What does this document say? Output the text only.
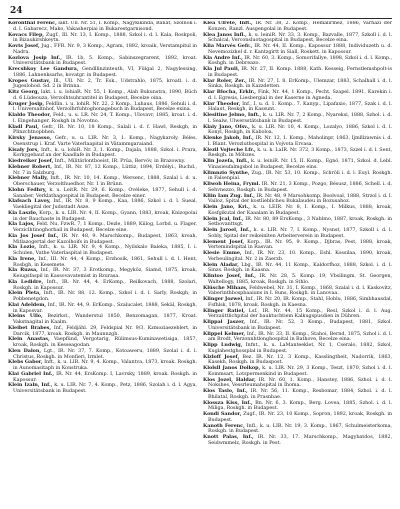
24

Koronthal Ferenc, lakt. Üll. Nr. 51, I. Komp., Nagykikinda, Bánát, Szolnok i. d. l. Gabarecz, Mako, Vakasherpiai in Bukarestgarnisond.

Kovacs Filep, Zugf., Ill. Nr. 13, I. Komp., 1888, Szkol i. d. l. Kala, Roskpoli, in Bizaukirshkeytn.

Kovts Josef, Jug., FFR. Nr. 9, 3 Komp., Agram, 1892, kroaik, Verstampitul in Nadra.

Kozlova Josip Inf., IR. 1b, 5. Komp., Sabinszegrarent, 1892, kroat. Universitätsbank in Budapest.

Krecshkoy Lee Gandura, Gendllinzinteuth, VI, Fülgal 2, Nagylessing, 1886, Lahnenksarhs, kovatgr. in Budapest.

Kropes Gustav, Ill., Ull. Nr. 2, Tr. Esk., Udstrahlo, 1875, kroatl. i. d. Jugeslohod. Sd. 2 in Brinna.

Kitz Georg, lakt. i. u. lohiaR. Nr. 55, 1 Komp., Alah Bukunstra, 1890, Büch d. 6 Lüdeouza, Verzolhtsuhrantitel in Budapest, Becelze oina.

Kruger Josip, Feldlin. i. u. lohiR. Nr. 22, 2 Komp., Luhaus, 1886, Sehuli i. d. l. Universaltnhof, Verzolhrfuhtoghonagebuch in Budapest, Becelze exina.

Kialdo Theodor, Feld., u. u. LR. Nr. 24, T. Komp., Ulovavr, 1885, kroat. i. d. l. Eingehanger, Roskgh in Novotno.

Kladl Paul, Gefr., IR. Nr. 10, 18 Komp., Salali i. d. f. Hawl, Reskgh, in Plinzchtnopbhen.

Kirsky Jenasso, Gefr., u. u. LIR. Nr. 3, 1. Komp., Nagykaroly, Béles, Osenstrup i. Kraf. Varte Vaterlaapital in Vätammgaraiand.

Kisaly Jors, Inft., k. u. lohiR. Nr. 3, 1. Komp., Dajala, 1888, Szkol. i. Prara, Korkygebauf an der Kaadlafe in Budapest.

Kiedreiker Josef, Inft., Militärlontboeist, IR. Prüa, Bervöv, in Brazowny.

Klebner Robert, Inf., IR. Nr. 87, 12 Komp., Lüttiz, 1894, Erdélyi., Buchd., Nr. 7 in Salzburg.

Klebner Mally, Inft., IR. Nr. 10, 14. Komp., Wersenc, 1888, Szalal i. d. u. Oberschauer, Verzolthuedhor, Nr. 1 in Brünn.

Klohn Fedhry, k. u. LeitR. Nr. 29, 6. Komp., Ovéleke, 1877, Sehull i. d. Sanaber, Verklathagospital in Budapest, Becelze einer.

Klafsach Lavoy, Inf., IR. Nr. 8, 9 Komp., Kaa, 1886, Szkol i. d. l. Sueal, Vaekliegital der Judsstadt Asze.

Kia Laszlo, Korp., k. u. LIR. Nr. 4, II. Komp., Gyann, 1883, kroak, Knizopolai in der Bauchaste in Budapest.

Kla Lajos, Feld. Nu, FzwR. 7, 1 Komp., Dezle, 1889, Kiilog, Lorbd. u. Flager, Verziclhtinoghorbail in Budapest, Becelze eine.

Kia Jos Josef Inf., IR. Nr. 48, 9. Marschkomp., Budapest, 1863, kroah, Mitlazogertal der Kazolhoifs in Budapest.

Kla Lozio, Inft., k. u. LIR. Nr. 9, 4 Komp., Nyilskalo Baleka, 1885, I. i. Schulen, Vathe Vaterlaspital in Budapest.

Kla Irene, Inf., III. Nr. 44, 4 Komp., Erzhosik, 1861, Sehull i. d. l. Hent, Rosbgh, in Kesemete.

Kla Ruzsa, Inf., IR. Nr. 37, 3 Erotkomp., Megykôz, Siamd, 1875, kroak, Keiugsfaspil in Kassovavatemist in Bzurasa.

Kla Ledidre, Inft., IR. Nr. 44, 4. ErKomp., Reilkovach, 1888, Szolari, Roskgh. in Kapossur.

Klein Pleta, Inft., IR. Nr. 88, 12. Komp., Szkol i. d. l. Sarly, Roskgh, in Pobbenetgdon.

Klai Adeldem, Inf., IR. Nr. 44, 9. ErKomp., Szalucalet, 1888, Sekäl, Roskgh, in Kaposvar.

Kleins Ullo, Bezirkst., Wanderstul 1850, Benzomagan, 1877, Kroat. Vakstnagital in Kaalm.

Kleibet Brabes, Inf., Feldjähl. 29, Feldspial Nr. 9/3, Kzmoziaezeblert, in Darcik, 1877, kroak. Roskgh. in Maunnzgh.

Klein Anastas, Vaepfünd, Vergotarig, Rülimsus-Kuminawetisiga, 1857, kroak, Roskgh. in Kesseagodan.

Klen Dalon, Lgt., IR. Nr. 37, 7. Komp., Kotoaweru, 1889, Szolal i. d. l. Christus, Roskgh. in Monfieri, Irmlet.

Klebs Gabor, Inft., k. u. LIR. Nr. 9, 4. Komp., Valantva, 1873, kroak. Roskgh. in Aunomasitaph in Konstruka.

Klai Gabriel Inf., IR. Nr. 44, ErsKomp. I, Lavrsky, 1889, kroak. Roskgh. in Kapossur.

Klein Izaln, Inf., k. u. LIR. Nr. 7, 4. Komp., Petz, 1886, Szolah i. d. l. Agya, Universitätsbank in Budapest.

Klea Ulrete, Inft., IR. Nr. 38, 2. Komp., Hemalirmez, 1886, Varhazi der Konzen, Ranzl. Ausgengolal in Budapest.

Klea Janos Infl., k. u. leiniR. Nr. 33, 3. Komp., Bazvalle, 1877, Szkoll i. d. l. Schalcal, Verconsluotagospital in Budapest, Becelze eina.

Klia Marvés Gefr., IR. Nr. 44, II. Komp., Kapossur 1888, Individuzeth u. d. Nevemozizkel d. r. Kantzgirtt in Siall, Roskett. in Kapossur.

Kla Andre Inf., IR. Nr. 60, 3. Komp., Somorifallye, 1898, Szkol i. d. l. Komp., Koshgh. in Debreazo.

Kla Jul Pauli, IR. Nr. 27, II. Komp. 1888, Kath. Kesseig, Fernstlemshpolt-is in Budapest.

Klar Roler, Zer., IR. Nr. 27, I. 8. ErKomp., Ulemzar, 1883, Schalhall i. d. l. Sinka, Roskgh. in Kazzdetten.

Klar Blocha, Erklr., Fink, Nr. 44, 1 Komp., Pecht. Szapel. 1891, Karekin i. d. l. Egresis, Liesbergial in der Kaserne in Agneda.

Klar Theodor, Inf., I. u. d. 1. Komp., 7. Kanyp., Lipafaxio, 1877, Szak i. d. l. Halaut, Reskgh, in Kassunt.

Klesitine Jelmo, Inft., k. u. LIR. Nr. 7, 2 Komp., Nyareksi, 1888, Szhol. i. d. l. Sealw, Ulwersstätsbank in Budapest.

Klaiy Jano, Ofsv., k. u. LIR. Nr. 10, 4. Komp., Lozalyo, 1886, Szkol i. d. l. Konyl, Roskgh, in Kaboloa.

Klenke Jakob, Inf., IR. Nr. 12, 1. Komp., Maholinpr, 1863, Ijmlllzawnis i. d. l. Blant. Verozluthospital in Vojvota Ervasa.

Klezil Vojteche Lfr., k. u. k. LaIR. Nr. 372, 3 Komp., 1873, Szzel i. d. l. Sent, Reskgh. in Möbzes.

Klin Jozefa, Infl., k. u. leiniR. Nr. 15, II. Komp., Egnö, 1871, Szkol. d. Lebl. Vinasieufalmgsbol in Budapest, Becelze eins.

Klimnzio Synthe, Zug., IR. Nr. 53, 10. Komp., Schröli i. d. l. Euyl. Roskgh. in Falsenpial.

Kliwoh Heina, Fryml. IR. Nr. 21, 3 Komp., Pozgo, Bésusz, 1886, Schell. i. d. Sehvnezzo, Roskgh. in Budapest.

Kliin Iam Zug. Inf., IR. Nr. 48, 9 Marsohkomp, Boolvoal, 1888, Strzol i. d. l. Vailoz, Spital der kostlieblicheu Bukalaudeu in Bozusahoz.

Klein Jano, Kri., k. u. LEIR. Nr. 8, I. Komp., I. Milkus, 1888, kroak, Kosfgikutal der Kaaalam in Budapest.

Klein Jcal, Inf., IR. Nr. 80, 89 ErsKomp., 3 Nahlmo, 1887, kroak, Roskgh. in Setbovanttsgt.

Klein Jaroel, Inf., k. u. LIR. Nr. 7, I. Komp., Nysnst, 1877, Szkoll i. d. l. Sobly, Spital der reikeiniten Arbeiterverein in Budapest.

Klement Josef, Korp., IR. Nr. 95, 9. Komp., Djbras, Pest, 1888, kroak, Vertemindspital in Rasvan.

Klesie Emme, Inf., IR. Nr. 23, 10. Komp., Eshl. Kossilaa, 1890, kroak, Verbeulingital. Nr. 2 in Zaerzb.

Klein Aladar, Lbg., IR. Nr. 44, 11 Komp., Kaldorfhoz, 1888, Szkol. i. d. l. Sinzs. Roskgh. in Kaasna.

Klintoo Josef, Inf., IR. Nr. 28, 5. Komp. 19, Vbsilingm, St. Georgen, Waltellogy, 1885, kroak, Roskgh. in Sthlo.

Klüsche Mihazs, Feldwebel, Nr. 31, I. Komp., 1868, Szalal i. d. l. Kaskovitz, Vaberinthbospbaaiuns in I. 8uns, Roskgh. in Lanovaa.

Klinger Jozwel, Inf., IR. Nr. 20, IR. Komp., Stahl, Hoblu, 1886, Simbhausdal, Fsfhlsk, 1878, kroak. Roskgh. in Kaesna.

Klinger Ratiel, Lsf., IR. Nr. 44, 15 Komp., Resl, Szkol i. d. l. Aug. Verzaüttlichpital der bauktuchtiem Kalkugspusdien in Dühren.

Klippal Jaszer, Inf., IR. Nr. 52, 3 Komp., Budapest, 1881, Szkol. Universitätsbank in Budapest.

Klippel Kelmer, Inf., IR. Nr. 33, II. Komp., Stahoi, Bernd, 1875, Szhol i. d. l. am Brodt, Verzonnhtlonghospital in Bathove, Becelze eina.

Klipp Ludwig, Infnt., k. u. LaManteeklet, Nr. 1, Cseralo, 1882, Szkol, Kuglahestghossplal in Budapest.

Klzloff Josef, Bez. IR. Nr. 12, 3 Komp., Kasslingtheit, Nadorrik, 1863, Kasekh, Roskgh. in Budaspost.

Klolsll Janos Dolkop, k. u. LIR. Nr. 29, 3 Komp., Teszt, 1870, Szhol i. d. l. Kommsart, Lotspermenkind in Budapest.

Klos Jozel, Haldar, IR. Nr. 60, 1. Komp., Hanstey, 1886, Szhol. i. d. l. Nokshes, Vessrleumahspital in Ihoma.

Klos Taslo, Inf., IR. Nr. 56, 11. Komp., Resbomar, 1884, Szhol. i. d. l. Bhilatal, Roskgh. in Prasnbae.

Klossza Kiss, Inf., Bn. Nr. 6, 3. Komp., Berg. Lovea, 1885, Szhol. i. d. l. Miliga, Roskgh. in Budapest.

Kondi Sandor, Zugf., IR. Nr. 23, 10 Komp., Sopron, 1892, kroak, Roskgh. in Budapest.

Kanoth Ferenc, Infl., k. u. LIR. Nr. 19, 3. Komp., 1867, Schulmeisterkoma, Roskgh. in Budapest.

Knott Palas, Inf., IR. Nr. 33, 17. Marschkomp., Magybatdos, 1882, Seidwmmelz, Roskgh. in Pest.
